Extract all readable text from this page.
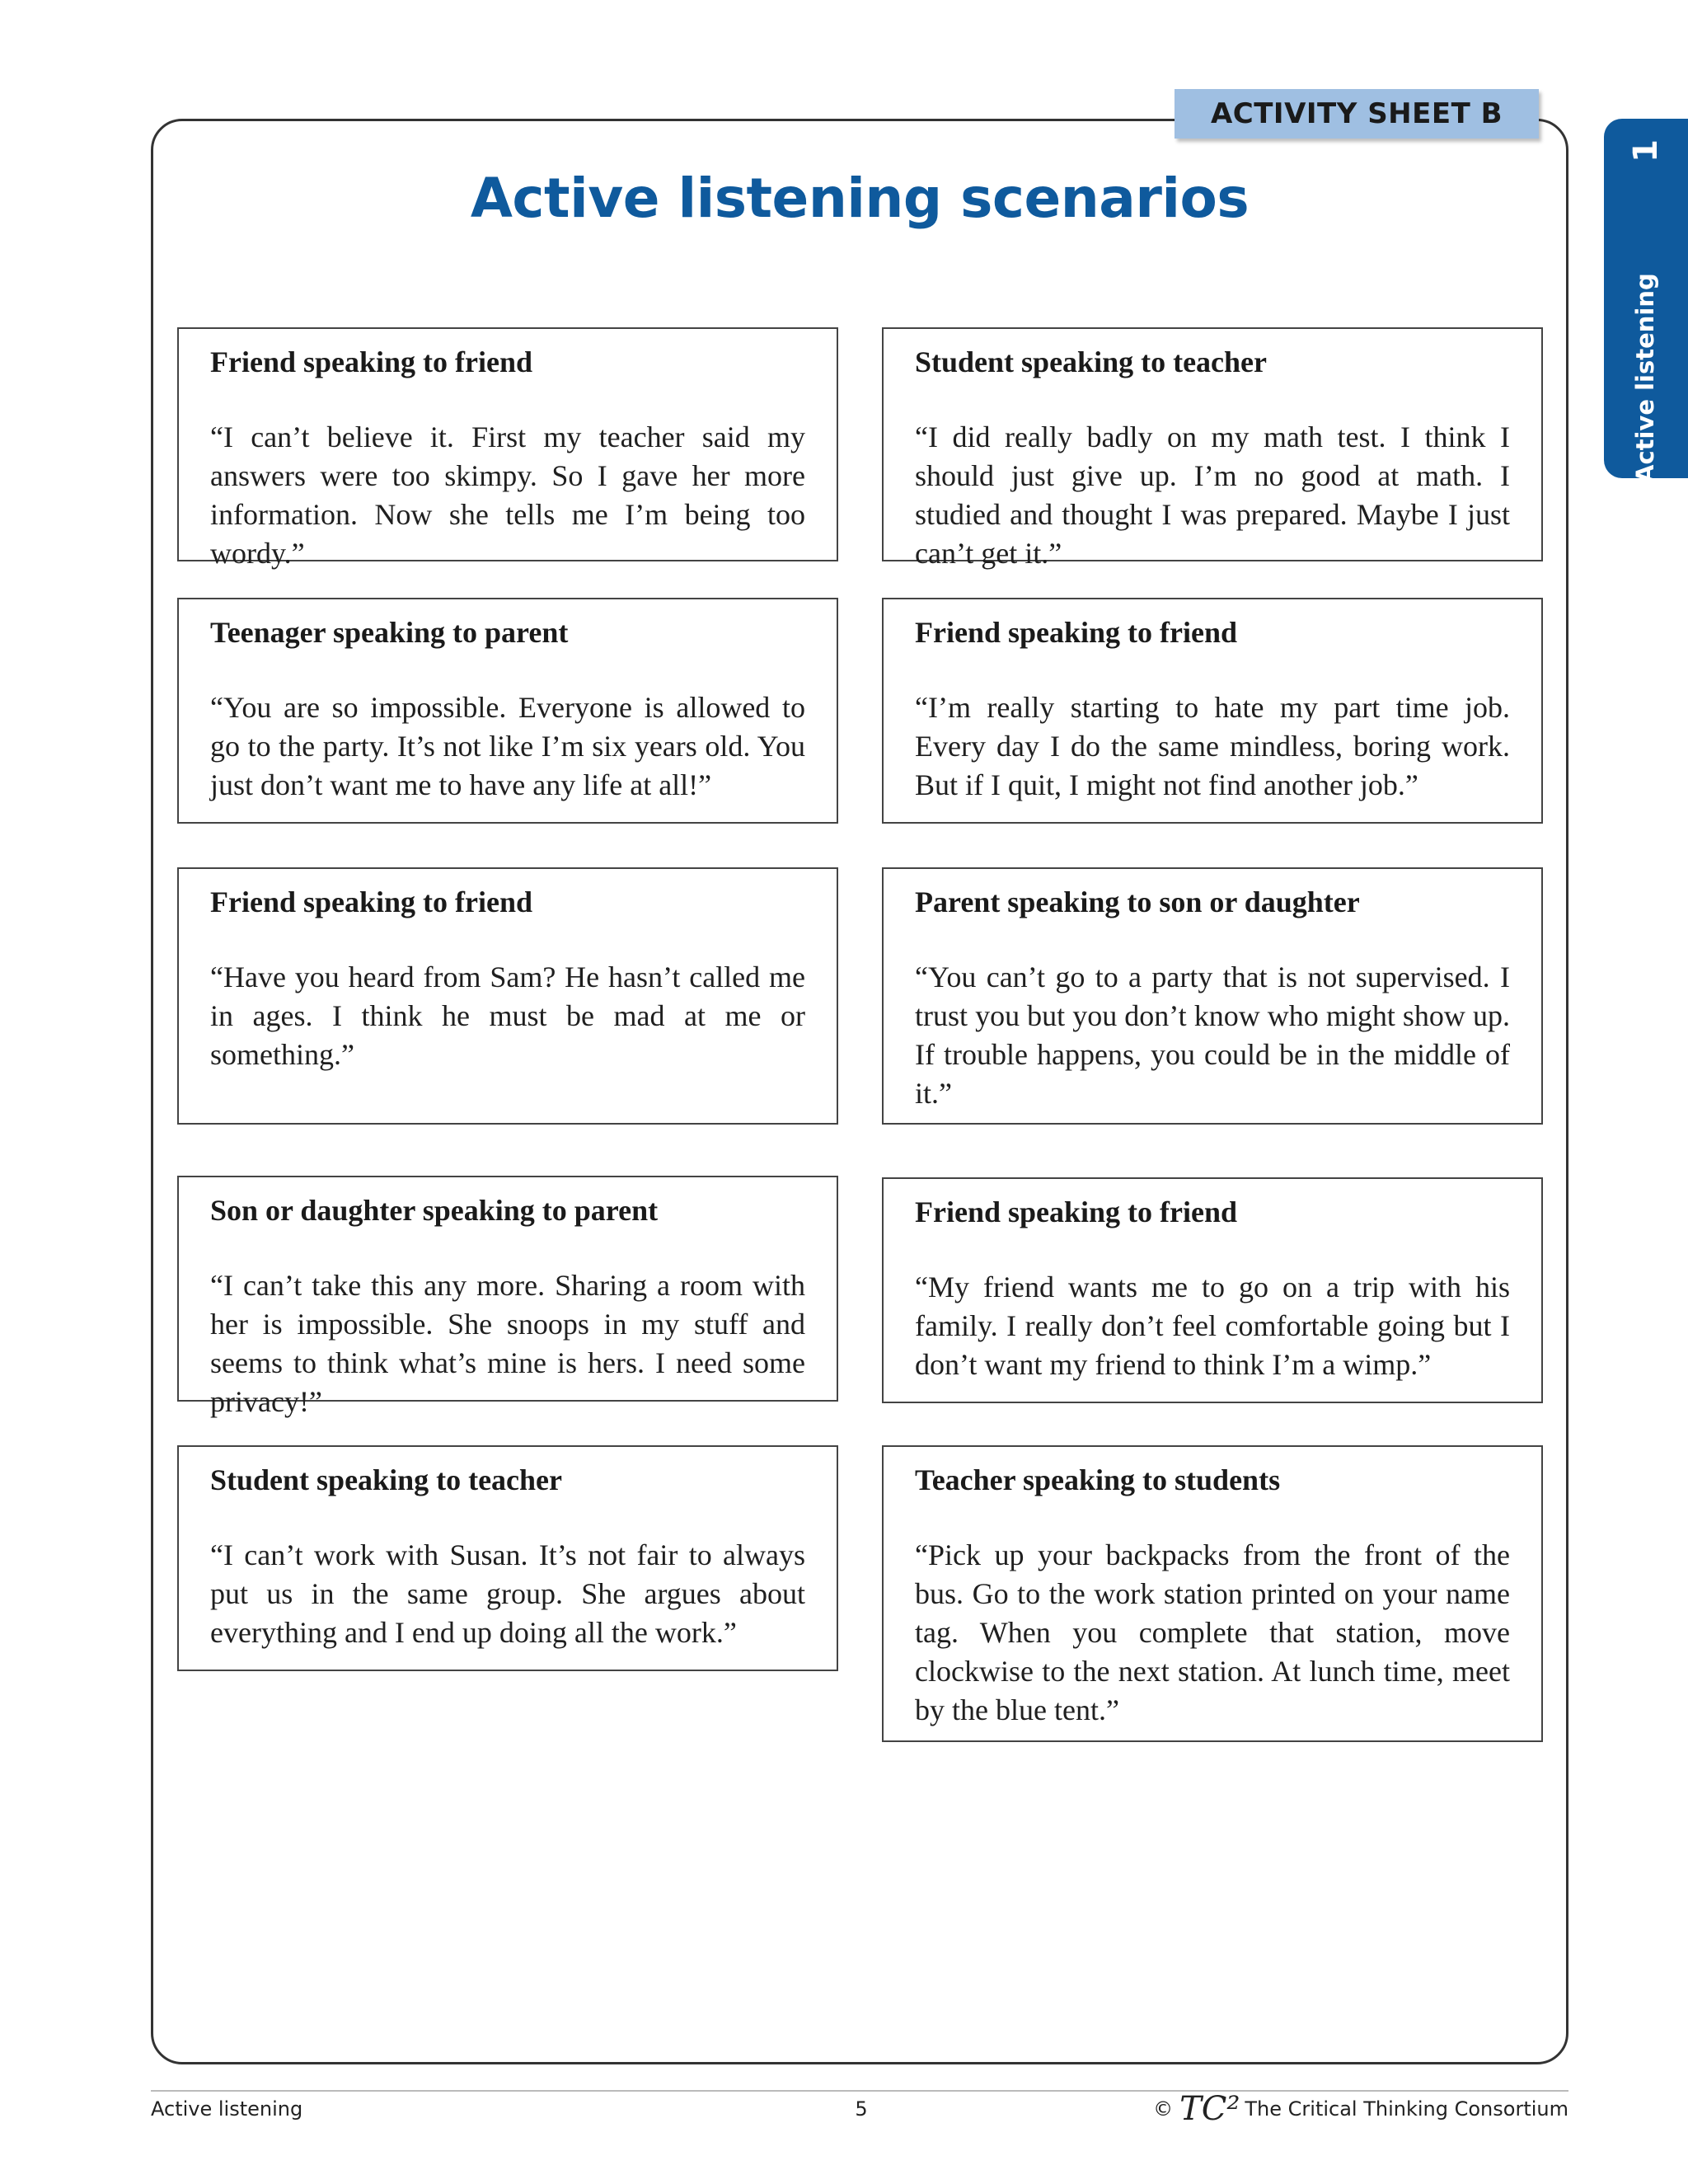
ACTIVITY SHEET B
1
Active listening
Active listening scenarios

Friend speaking to friend

“I can’t believe it. First my teacher said my answers were too skimpy. So I gave her more information. Now she tells me I’m being too wordy.”

Student speaking to teacher

“I did really badly on my math test. I think I should just give up. I’m no good at math. I studied and thought I was prepared. Maybe I just can’t get it.”

Teenager speaking to parent

“You are so impossible. Everyone is allowed to go to the party. It’s not like I’m six years old. You just don’t want me to have any life at all!”

Friend speaking to friend

“I’m really starting to hate my part time job. Every day I do the same mindless, boring work. But if I quit, I might not find another job.”

Friend speaking to friend

“Have you heard from Sam? He hasn’t called me in ages. I think he must be mad at me or something.”

Parent speaking to son or daughter

“You can’t go to a party that is not supervised. I trust you but you don’t know who might show up. If trouble happens, you could be in the middle of it.”

Son or daughter speaking to parent

“I can’t take this any more. Sharing a room with her is impossible. She snoops in my stuff and seems to think what’s mine is hers. I need some privacy!”

Friend speaking to friend

“My friend wants me to go on a trip with his family. I really don’t feel comfortable going but I don’t want my friend to think I’m a wimp.”

Student speaking to teacher

“I can’t work with Susan. It’s not fair to always put us in the same group. She argues about everything and I end up doing all the work.”

Teacher speaking to students

“Pick up your backpacks from the front of the bus. Go to the work station printed on your name tag. When you complete that station, move clockwise to the next station. At lunch time, meet by the blue tent.”

Active listening	5	© TC² The Critical Thinking Consortium
